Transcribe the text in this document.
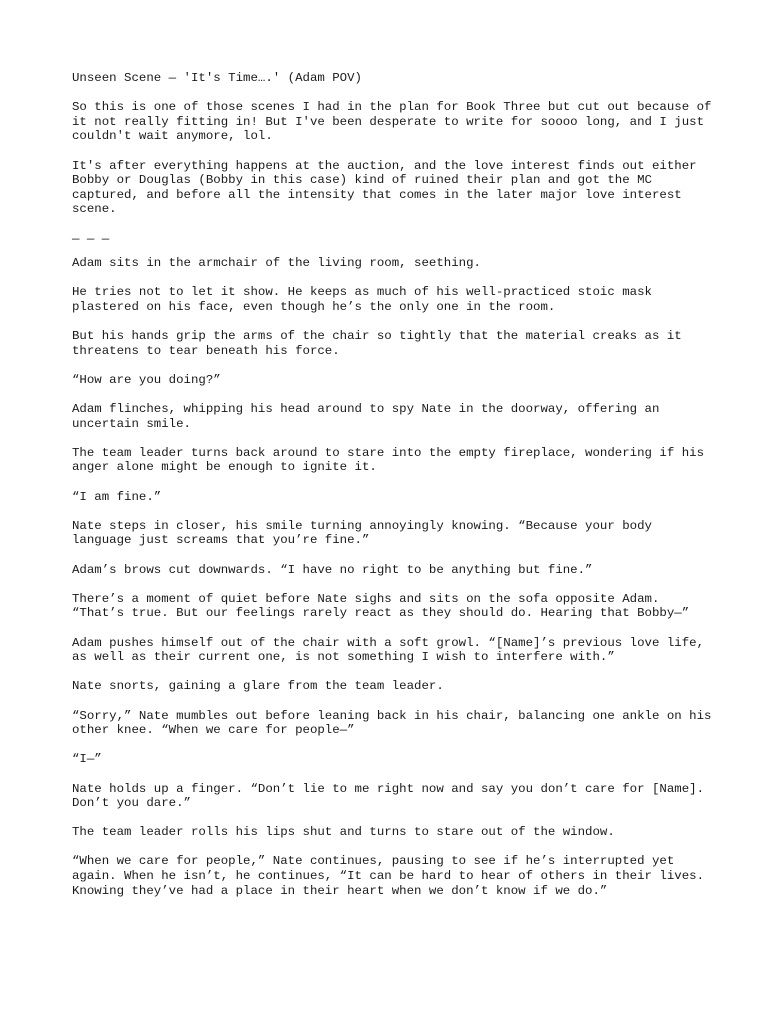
Unseen Scene — 'It's Time….' (Adam POV)

So this is one of those scenes I had in the plan for Book Three but cut out because of it not really fitting in! But I've been desperate to write for soooo long, and I just couldn't wait anymore, lol.

It's after everything happens at the auction, and the love interest finds out either Bobby or Douglas (Bobby in this case) kind of ruined their plan and got the MC captured, and before all the intensity that comes in the later major love interest scene.

— — —

Adam sits in the armchair of the living room, seething.

He tries not to let it show. He keeps as much of his well-practiced stoic mask plastered on his face, even though he’s the only one in the room.

But his hands grip the arms of the chair so tightly that the material creaks as it threatens to tear beneath his force.

“How are you doing?”

Adam flinches, whipping his head around to spy Nate in the doorway, offering an uncertain smile.

The team leader turns back around to stare into the empty fireplace, wondering if his anger alone might be enough to ignite it.

“I am fine.”

Nate steps in closer, his smile turning annoyingly knowing. “Because your body language just screams that you’re fine.”

Adam’s brows cut downwards. “I have no right to be anything but fine.”

There’s a moment of quiet before Nate sighs and sits on the sofa opposite Adam. “That’s true. But our feelings rarely react as they should do. Hearing that Bobby—”

Adam pushes himself out of the chair with a soft growl. “[Name]’s previous love life, as well as their current one, is not something I wish to interfere with.”

Nate snorts, gaining a glare from the team leader.

“Sorry,” Nate mumbles out before leaning back in his chair, balancing one ankle on his other knee. “When we care for people—”

“I—”

Nate holds up a finger. “Don’t lie to me right now and say you don’t care for [Name]. Don’t you dare.”

The team leader rolls his lips shut and turns to stare out of the window.

“When we care for people,” Nate continues, pausing to see if he’s interrupted yet again. When he isn’t, he continues, “It can be hard to hear of others in their lives. Knowing they’ve had a place in their heart when we don’t know if we do.”
